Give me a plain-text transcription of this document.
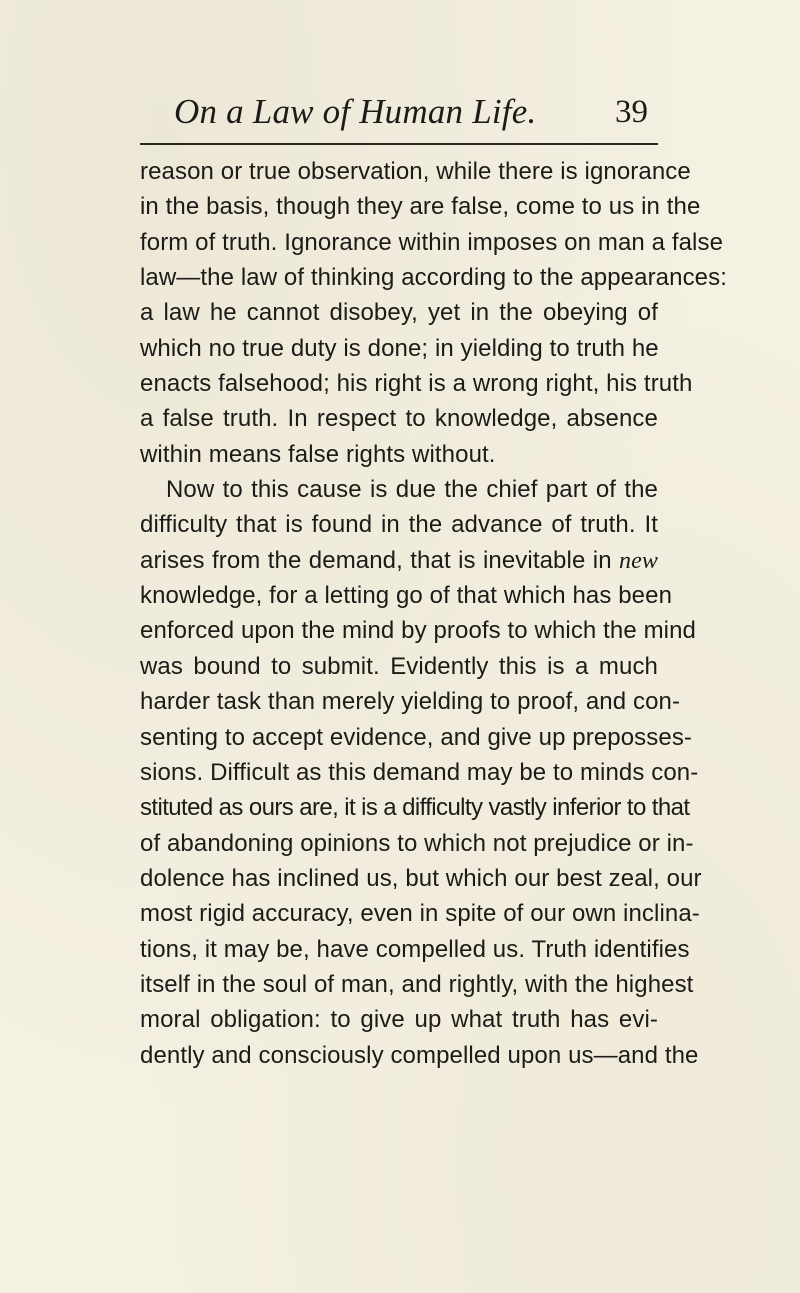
On a Law of Human Life. 39
reason or true observation, while there is ignorance
in the basis, though they are false, come to us in the
form of truth. Ignorance within imposes on man a false
law—the law of thinking according to the appearances:
a law he cannot disobey, yet in the obeying of
which no true duty is done; in yielding to truth he
enacts falsehood; his right is a wrong right, his truth
a false truth. In respect to knowledge, absence
within means false rights without.
Now to this cause is due the chief part of the
difficulty that is found in the advance of truth. It
arises from the demand, that is inevitable in new
knowledge, for a letting go of that which has been
enforced upon the mind by proofs to which the mind
was bound to submit. Evidently this is a much
harder task than merely yielding to proof, and con-
senting to accept evidence, and give up preposses-
sions. Difficult as this demand may be to minds con-
stituted as ours are, it is a difficulty vastly inferior to that
of abandoning opinions to which not prejudice or in-
dolence has inclined us, but which our best zeal, our
most rigid accuracy, even in spite of our own inclina-
tions, it may be, have compelled us. Truth identifies
itself in the soul of man, and rightly, with the highest
moral obligation: to give up what truth has evi-
dently and consciously compelled upon us—and the
